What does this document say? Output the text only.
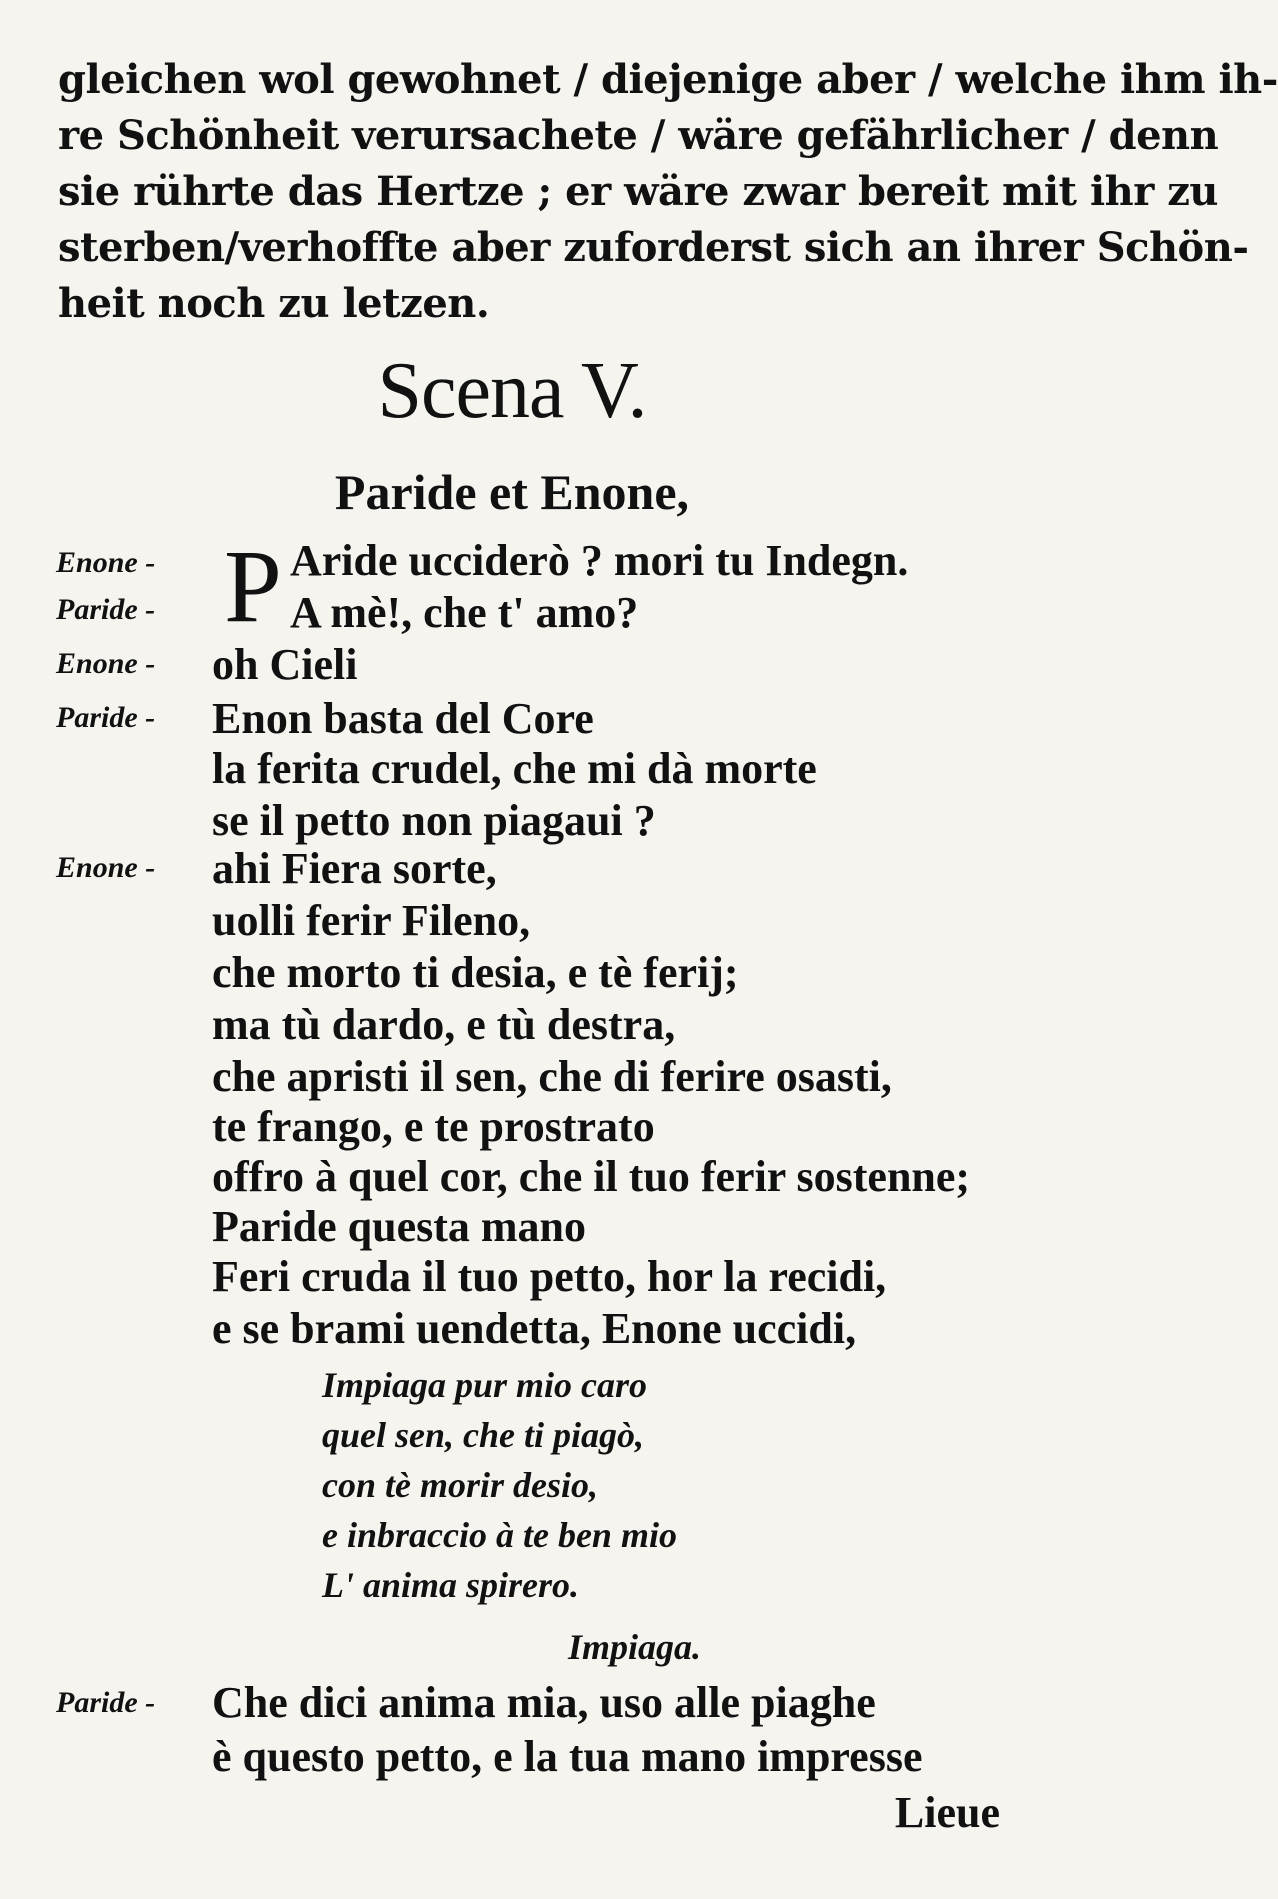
gleichen wol gewohnet / diejenige aber / welche ihm ih-
re Schönheit verursachete / wäre gefährlicher / denn
sie rührte das Hertze ; er wäre zwar bereit mit ihr zu
sterben/verhoffte aber zuforderst sich an ihrer Schön-
heit noch zu letzen.
Scena V.
Paride et Enone,
Enone -
Paride -
Enone -
Paride -
Enone -
Paride -
P Aride ucciderò ? mori tu Indegn.
A mè!, che t' amo?
oh Cieli
Enon basta del Core
la ferita crudel, che mi dà morte
se il petto non piagaui ?
ahi Fiera sorte,
uolli ferir Fileno,
che morto ti desia, e tè ferij;
ma tù dardo, e tù destra,
che apristi il sen, che di ferire osasti,
te frango, e te prostrato
offro à quel cor, che il tuo ferir sostenne;
Paride questa mano
Feri cruda il tuo petto, hor la recidi,
e se brami uendetta, Enone uccidi,
Impiaga pur mio caro
quel sen, che ti piagò,
con tè morir desio,
e inbraccio à te ben mio
L' anima spirero.
Impiaga.
Che dici anima mia, uso alle piaghe
è questo petto, e la tua mano impresse
Lieue
